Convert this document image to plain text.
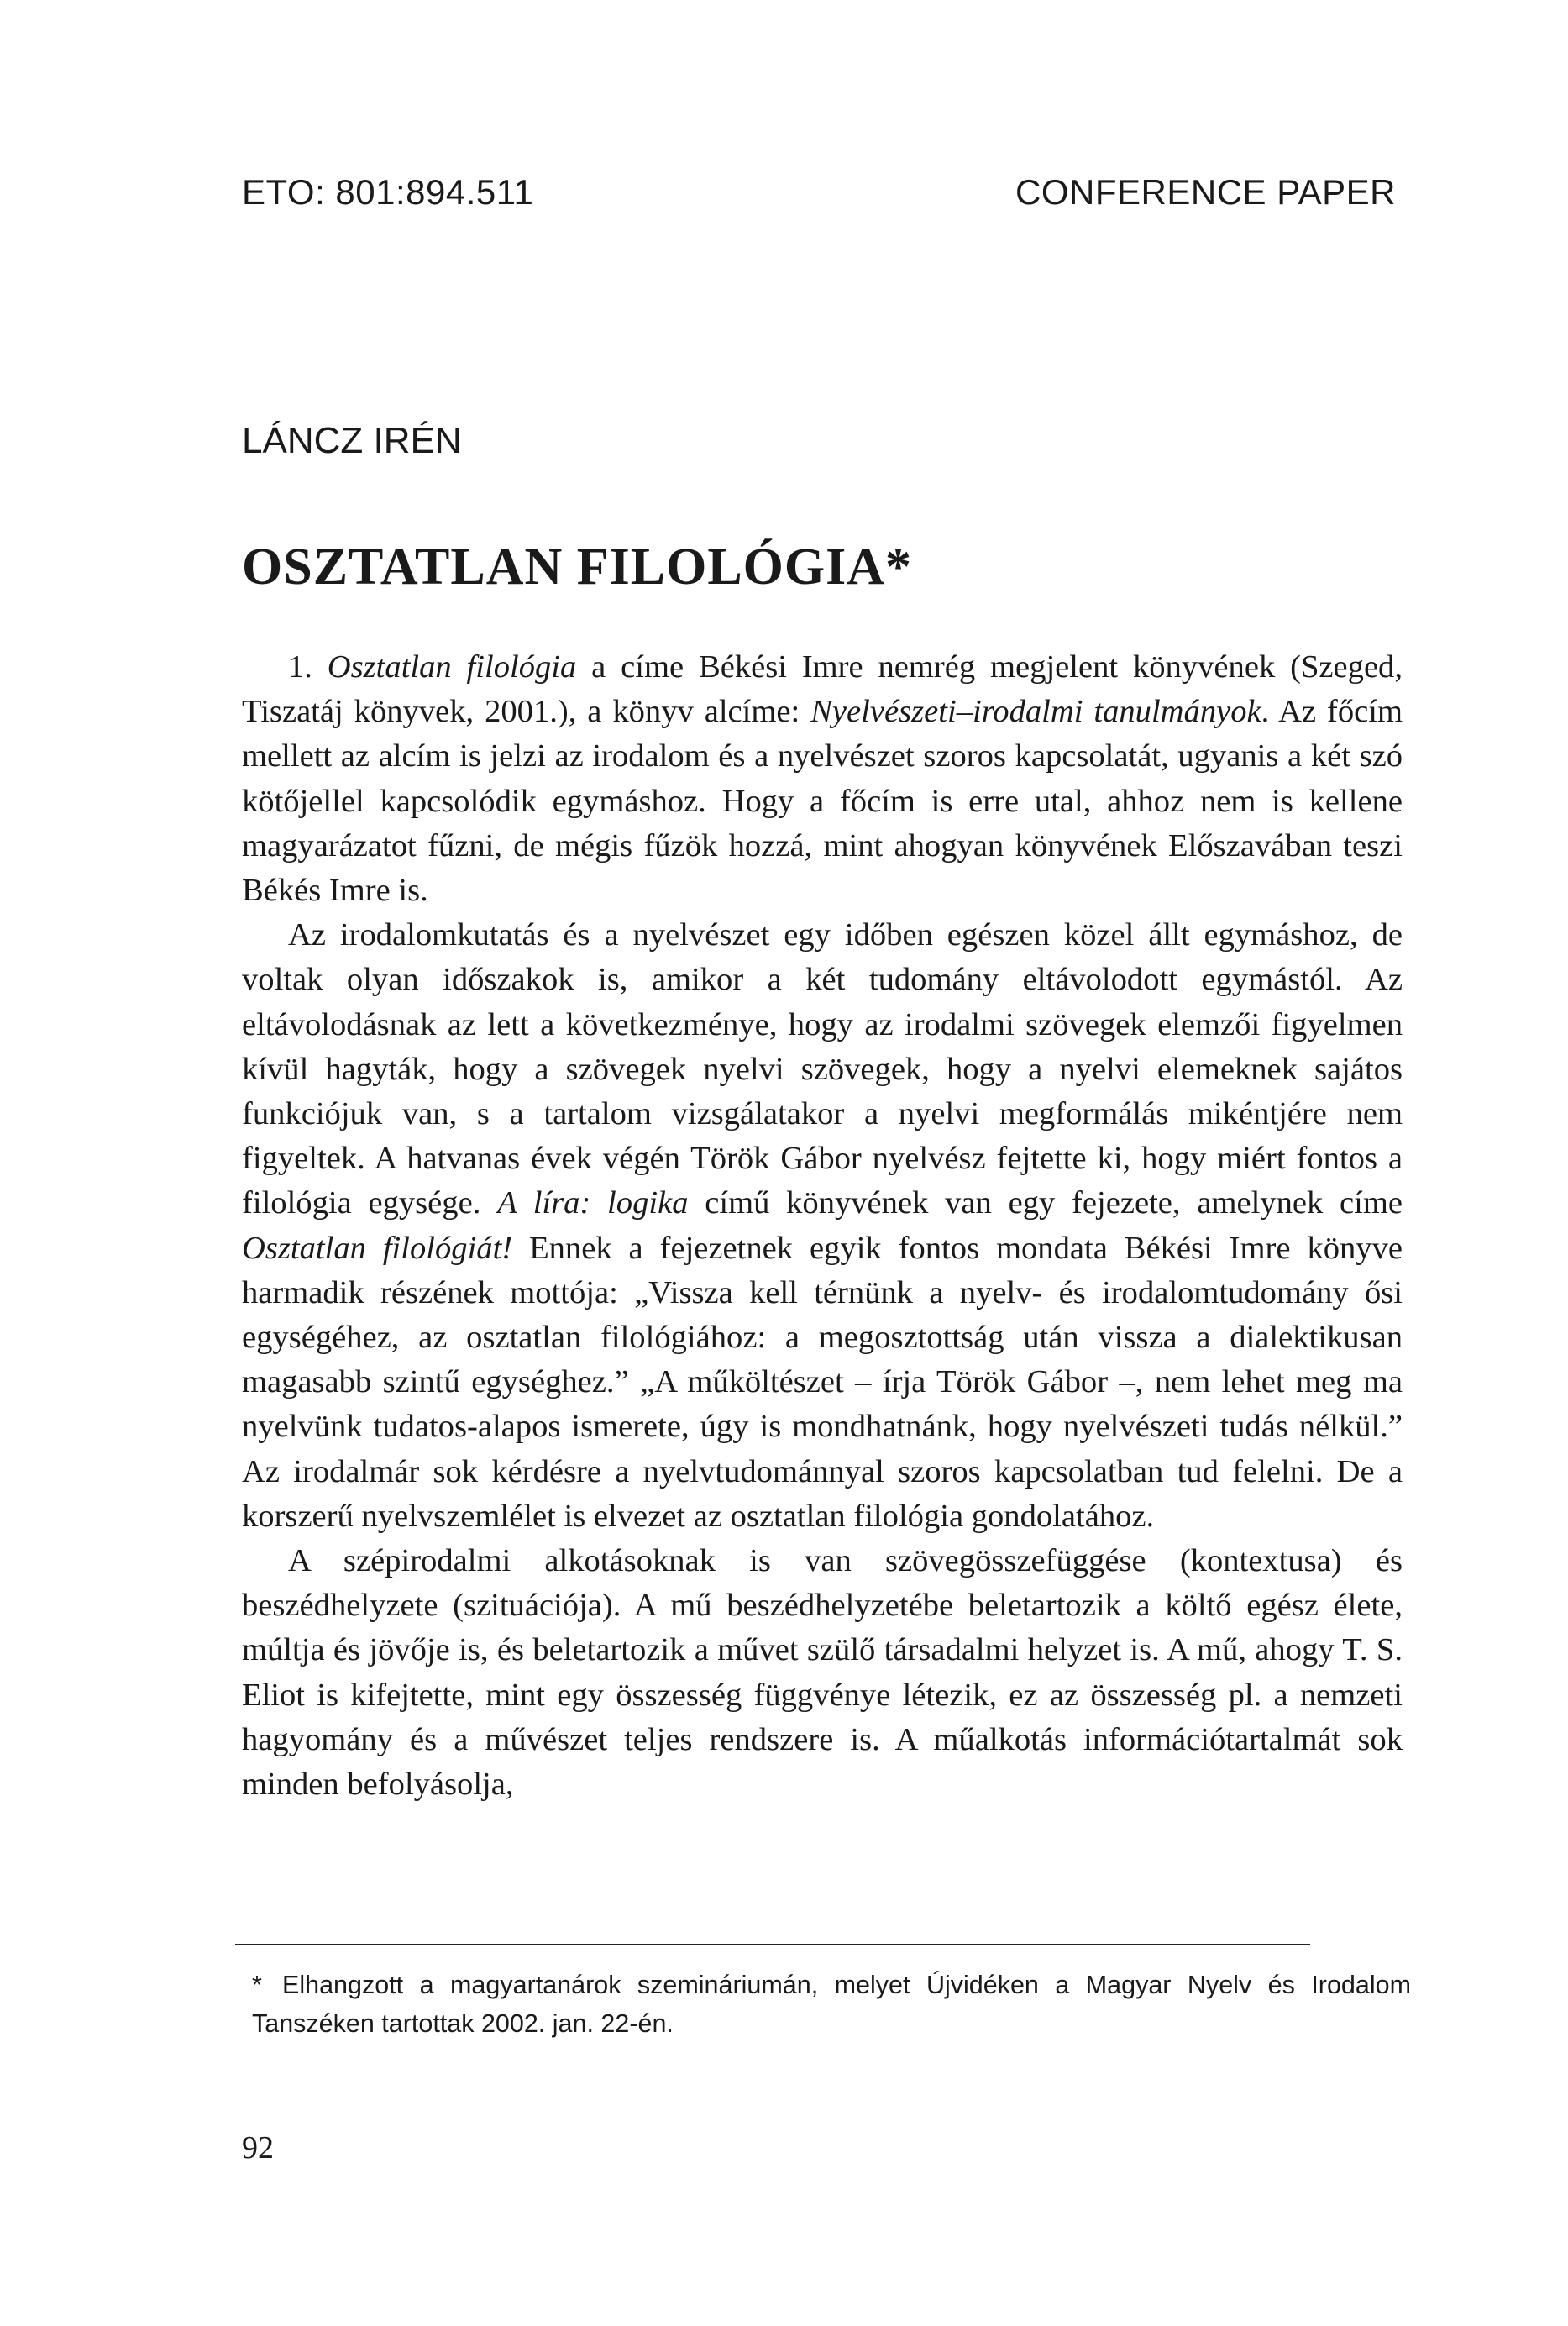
ETO: 801:894.511	CONFERENCE PAPER
LÁNCZ IRÉN
OSZTATLAN FILOLÓGIA*

1. Osztatlan filológia a címe Békési Imre nemrég megjelent könyvének (Szeged, Tiszatáj könyvek, 2001.), a könyv alcíme: Nyelvészeti–irodalmi tanulmányok. Az főcím mellett az alcím is jelzi az irodalom és a nyelvészet szoros kapcsolatát, ugyanis a két szó kötőjellel kapcsolódik egymáshoz. Hogy a főcím is erre utal, ahhoz nem is kellene magyarázatot fűzni, de mégis fűzök hozzá, mint ahogyan könyvének Előszavában teszi Békés Imre is.

Az irodalomkutatás és a nyelvészet egy időben egészen közel állt egymáshoz, de voltak olyan időszakok is, amikor a két tudomány eltávolodott egymástól. Az eltávolodásnak az lett a következménye, hogy az irodalmi szövegek elemzői figyelmen kívül hagyták, hogy a szövegek nyelvi szövegek, hogy a nyelvi elemeknek sajátos funkciójuk van, s a tartalom vizsgálatakor a nyelvi megformálás mikéntjére nem figyeltek. A hatvanas évek végén Török Gábor nyelvész fejtette ki, hogy miért fontos a filológia egysége. A líra: logika című könyvének van egy fejezete, amelynek címe Osztatlan filológiát! Ennek a fejezetnek egyik fontos mondata Békési Imre könyve harmadik részének mottója: „Vissza kell térnünk a nyelv- és irodalomtudomány ősi egységéhez, az osztatlan filológiához: a megosztottság után vissza a dialektikusan magasabb szintű egységhez.” „A műköltészet – írja Török Gábor –, nem lehet meg ma nyelvünk tudatos-alapos ismerete, úgy is mondhatnánk, hogy nyelvészeti tudás nélkül.” Az irodalmár sok kérdésre a nyelvtudománnyal szoros kapcsolatban tud felelni. De a korszerű nyelvszemlélet is elvezet az osztatlan filológia gondolatához.

A szépirodalmi alkotásoknak is van szövegösszefüggése (kontextusa) és beszédhelyzete (szituációja). A mű beszédhelyzetébe beletartozik a költő egész élete, múltja és jövője is, és beletartozik a művet szülő társadalmi helyzet is. A mű, ahogy T. S. Eliot is kifejtette, mint egy összesség függvénye létezik, ez az összesség pl. a nemzeti hagyomány és a művészet teljes rendszere is. A műalkotás információtartalmát sok minden befolyásolja,

* Elhangzott a magyartanárok szemináriumán, melyet Újvidéken a Magyar Nyelv és Irodalom Tanszéken tartottak 2002. jan. 22-én.
92
